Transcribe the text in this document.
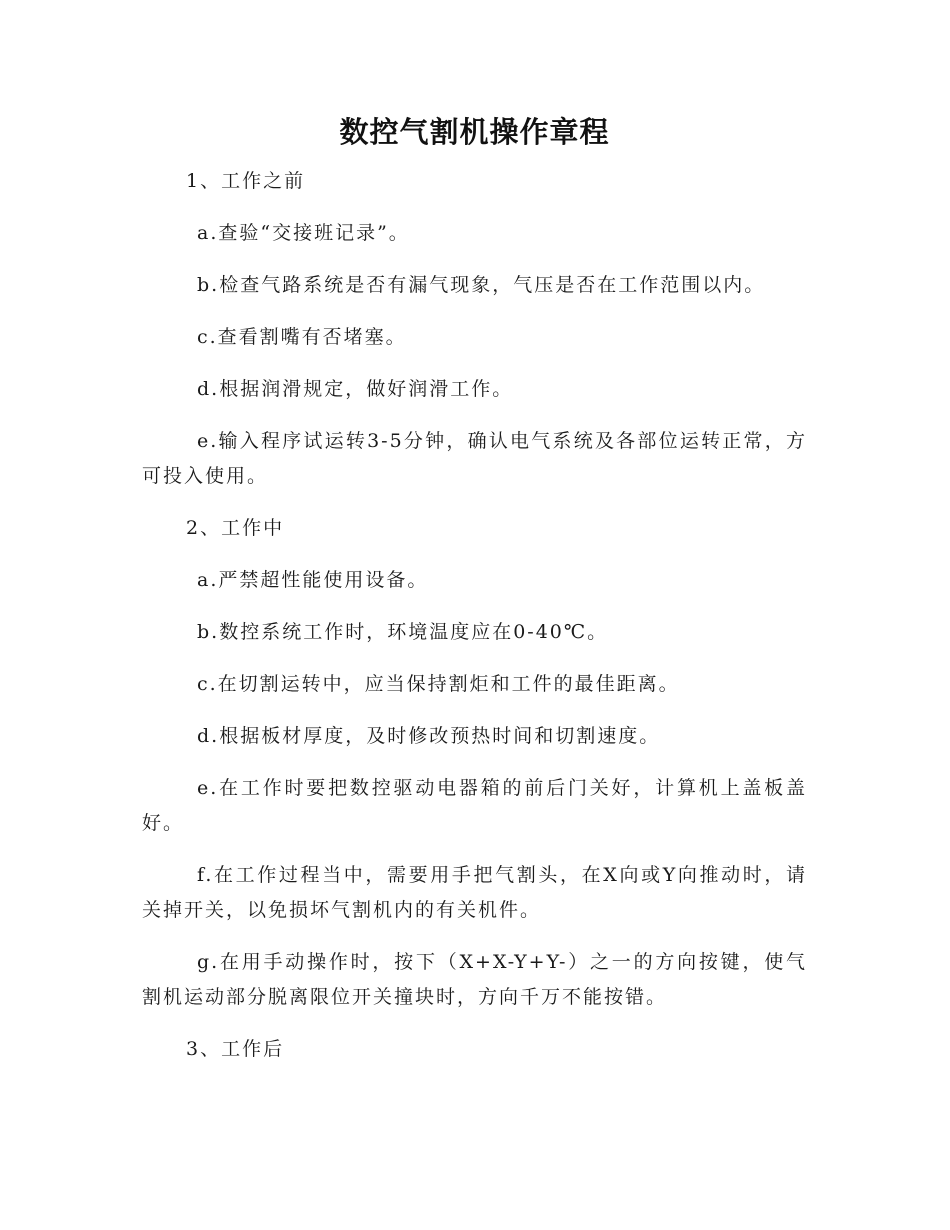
数控气割机操作章程

1、工作之前

a.查验“交接班记录”。

b.检查气路系统是否有漏气现象，气压是否在工作范围以内。

c.查看割嘴有否堵塞。

d.根据润滑规定，做好润滑工作。

e.输入程序试运转3-5分钟，确认电气系统及各部位运转正常，方可投入使用。

2、工作中

a.严禁超性能使用设备。

b.数控系统工作时，环境温度应在0-40℃。

c.在切割运转中，应当保持割炬和工件的最佳距离。

d.根据板材厚度，及时修改预热时间和切割速度。

e.在工作时要把数控驱动电器箱的前后门关好，计算机上盖板盖好。

f.在工作过程当中，需要用手把气割头，在X向或Y向推动时，请关掉开关，以免损坏气割机内的有关机件。

g.在用手动操作时，按下（X+X-Y+Y-）之一的方向按键，使气割机运动部分脱离限位开关撞块时，方向千万不能按错。

3、工作后
